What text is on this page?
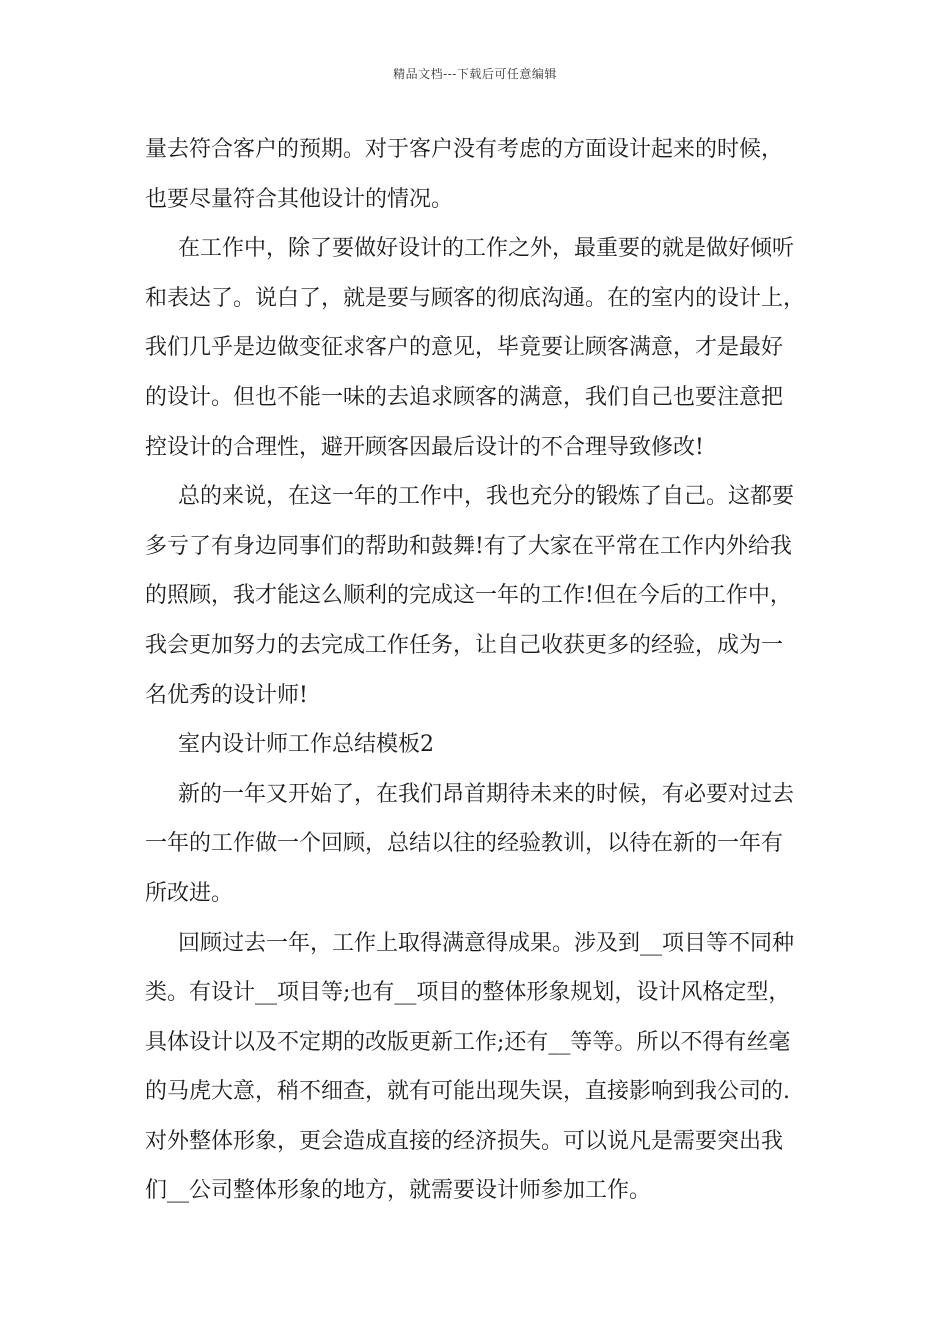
精品文档---下载后可任意编辑
量去符合客户的预期。对于客户没有考虑的方面设计起来的时候，
也要尽量符合其他设计的情况。
在工作中，除了要做好设计的工作之外，最重要的就是做好倾听
和表达了。说白了，就是要与顾客的彻底沟通。在的室内的设计上，
我们几乎是边做变征求客户的意见，毕竟要让顾客满意，才是最好
的设计。但也不能一味的去追求顾客的满意，我们自己也要注意把
控设计的合理性，避开顾客因最后设计的不合理导致修改!
总的来说，在这一年的工作中，我也充分的锻炼了自己。这都要
多亏了有身边同事们的帮助和鼓舞!有了大家在平常在工作内外给我
的照顾，我才能这么顺利的完成这一年的工作!但在今后的工作中，
我会更加努力的去完成工作任务，让自己收获更多的经验，成为一
名优秀的设计师!
室内设计师工作总结模板2
新的一年又开始了，在我们昂首期待未来的时候，有必要对过去
一年的工作做一个回顾，总结以往的经验教训，以待在新的一年有
所改进。
回顾过去一年，工作上取得满意得成果。涉及到__项目等不同种
类。有设计__项目等;也有__项目的整体形象规划，设计风格定型，
具体设计以及不定期的改版更新工作;还有__等等。所以不得有丝毫
的马虎大意，稍不细查，就有可能出现失误，直接影响到我公司的.
对外整体形象，更会造成直接的经济损失。可以说凡是需要突出我
们__公司整体形象的地方，就需要设计师参加工作。
